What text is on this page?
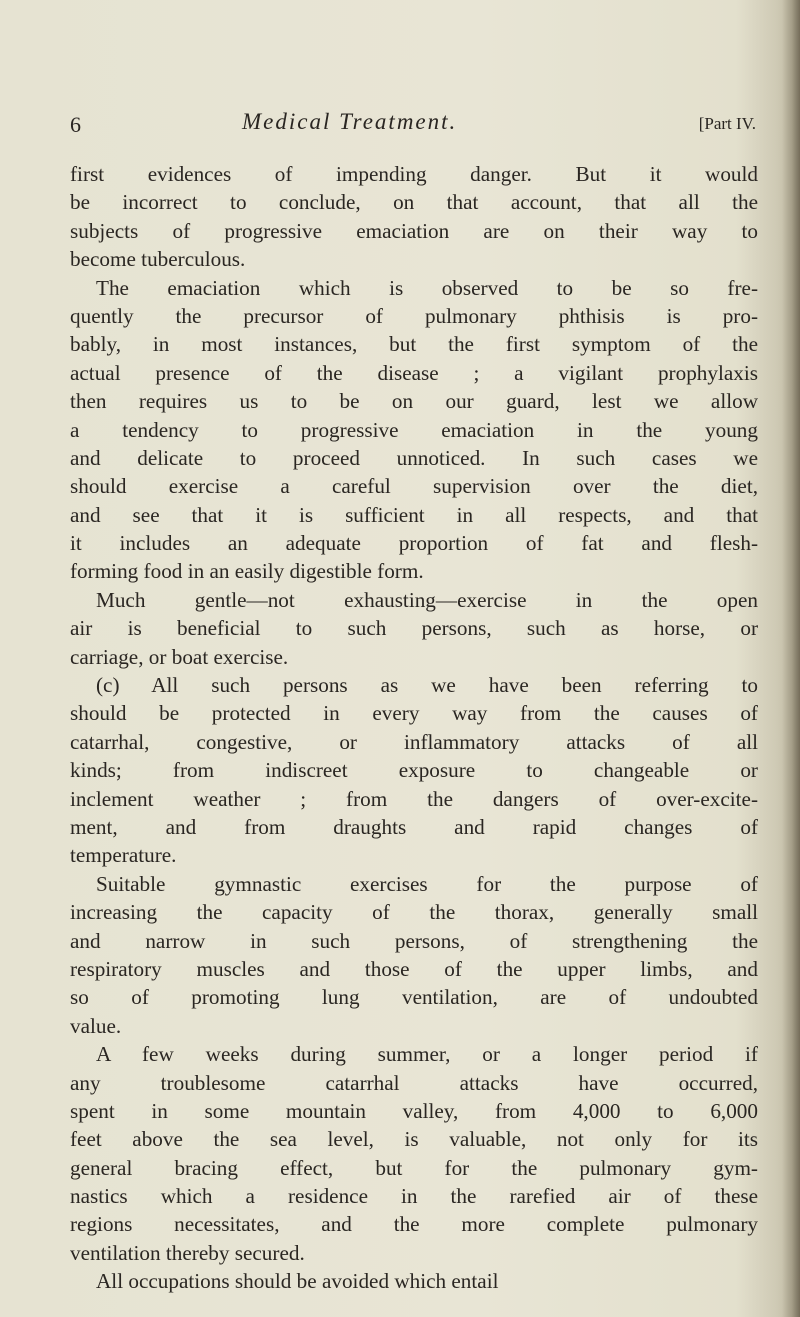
6	Medical Treatment.	[Part IV.
first evidences of impending danger. But it would
be incorrect to conclude, on that account, that all the
subjects of progressive emaciation are on their way to
become tuberculous.
The emaciation which is observed to be so fre-
quently the precursor of pulmonary phthisis is pro-
bably, in most instances, but the first symptom of the
actual presence of the disease ; a vigilant prophylaxis
then requires us to be on our guard, lest we allow
a tendency to progressive emaciation in the young
and delicate to proceed unnoticed. In such cases we
should exercise a careful supervision over the diet,
and see that it is sufficient in all respects, and that
it includes an adequate proportion of fat and flesh-
forming food in an easily digestible form.
Much gentle—not exhausting—exercise in the open
air is beneficial to such persons, such as horse, or
carriage, or boat exercise.
(c) All such persons as we have been referring to
should be protected in every way from the causes of
catarrhal, congestive, or inflammatory attacks of all
kinds; from indiscreet exposure to changeable or
inclement weather ; from the dangers of over-excite-
ment, and from draughts and rapid changes of
temperature.
Suitable gymnastic exercises for the purpose of
increasing the capacity of the thorax, generally small
and narrow in such persons, of strengthening the
respiratory muscles and those of the upper limbs, and
so of promoting lung ventilation, are of undoubted
value.
A few weeks during summer, or a longer period if
any troublesome catarrhal attacks have occurred,
spent in some mountain valley, from 4,000 to 6,000
feet above the sea level, is valuable, not only for its
general bracing effect, but for the pulmonary gym-
nastics which a residence in the rarefied air of these
regions necessitates, and the more complete pulmonary
ventilation thereby secured.
All occupations should be avoided which entail
